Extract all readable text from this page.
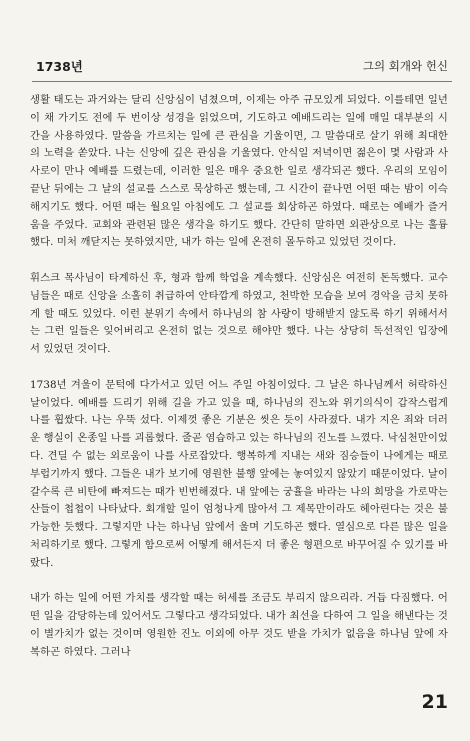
1738년	그의 회개와 헌신

생활 태도는 과거와는 달리 신앙심이 넘쳤으며, 이제는 아주 규모있게 되었다. 이를테면 일년이 채 가기도 전에 두 번이상 성경을 읽었으며, 기도하고 예배드리는 일에 매일 대부분의 시간을 사용하였다. 말씀을 가르치는 일에 큰 관심을 기울이면, 그 말씀대로 살기 위해 최대한의 노력을 쏟았다. 나는 신앙에 깊은 관심을 기울였다. 안식일 저녁이면 젊은이 몇 사람과 사사로이 만나 예배를 드렸는데, 이러한 일은 매우 중요한 일로 생각되곤 했다. 우리의 모임이 끝난 뒤에는 그 날의 설교를 스스로 묵상하곤 했는데, 그 시간이 끝나면 어떤 때는 밤이 이슥해지기도 했다. 어떤 때는 월요일 아침에도 그 설교를 회상하곤 하였다. 때로는 예배가 즐거움을 주었다. 교회와 관련된 많은 생각을 하기도 했다. 간단히 말하면 외관상으로 나는 훌륭했다. 미처 깨닫지는 못하였지만, 내가 하는 일에 온전히 몰두하고 있었던 것이다.

휘스크 목사님이 타계하신 후, 형과 함께 학업을 계속했다. 신앙심은 여전히 돈독했다. 교수님들은 때로 신앙을 소홀히 취급하여 안타깝게 하였고, 천박한 모습을 보여 경악을 금치 못하게 할 때도 있었다. 이런 분위기 속에서 하나님의 참 사랑이 방해받지 않도록 하기 위해서서는 그런 일들은 잊어버리고 온전히 없는 것으로 해야만 했다. 나는 상당히 독선적인 입장에 서 있었던 것이다.

1738년 겨울이 문턱에 다가서고 있던 어느 주일 아침이었다. 그 날은 하나님께서 허락하신 날이었다. 예배를 드리기 위해 길을 가고 있을 때, 하나님의 진노와 위기의식이 갑작스럽게 나를 휩쌌다. 나는 우뚝 섰다. 이제껏 좋은 기분은 씻은 듯이 사라졌다. 내가 지은 죄와 더러운 행실이 온종일 나를 괴롭혔다. 줄곧 염습하고 있는 하나님의 진노를 느꼈다. 낙심천만이었다. 견딜 수 없는 외로움이 나를 사로잡았다. 행복하게 지내는 새와 짐승들이 나에게는 때로 부럽기까지 했다. 그들은 내가 보기에 영원한 불행 앞에는 놓여있지 않았기 때문이었다. 날이 갈수록 큰 비탄에 빠져드는 때가 빈번해졌다. 내 앞에는 궁휼을 바라는 나의 희망을 가로막는 산들이 첩첩이 나타났다. 회개할 일이 엄청나게 많아서 그 제목만이라도 헤아린다는 것은 불가능한 듯했다. 그렇지만 나는 하나님 앞에서 울며 기도하곤 했다. 열심으로 다른 많은 일을 처리하기로 했다. 그렇게 함으로써 어떻게 해서든지 더 좋은 형편으로 바꾸어질 수 있기를 바랐다.

내가 하는 일에 어떤 가치를 생각할 때는 허세를 조금도 부리지 않으리라. 거듭 다짐했다. 어떤 일을 감당하는데 있어서도 그렇다고 생각되었다. 내가 최선을 다하여 그 일을 해낸다는 것이 별가치가 없는 것이며 영원한 진노 이외에 아무 것도 받을 가치가 없음을 하나님 앞에 자복하곤 하였다. 그러나

21
